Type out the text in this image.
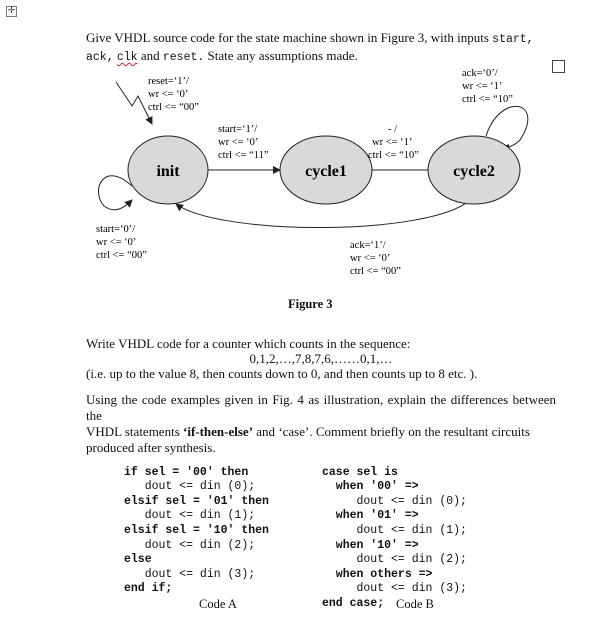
✛
Give VHDL source code for the state machine shown in Figure 3, with inputs start,
ack, clk and reset. State any assumptions made.
init	cycle1	cycle2
reset=‘1’/
wr <= ‘0’
ctrl <= “00”
start=‘0’/
wr <= ‘0’
ctrl <= “00”
start=‘1’/
wr <= ‘0’
ctrl <= “11”
- /
wr <= ‘1’
ctrl <= “10”
ack=‘0’/
wr <= ‘1’
ctrl <= “10”
ack=‘1’/
wr <= ‘0’
ctrl <= “00”
Figure 3
Write VHDL code for a counter which counts in the sequence:
0,1,2,…,7,8,7,6,……0,1,…
(i.e. up to the value 8, then counts down to 0, and then counts up to 8 etc. ).
Using the code examples given in Fig. 4 as illustration, explain the differences between the
VHDL statements ‘if-then-else’ and ‘case’. Comment briefly on the resultant circuits
produced after synthesis.

if sel = '00' then
dout <= din (0);
elsif sel = '01' then
dout <= din (1);
elsif sel = '10' then
dout <= din (2);
else
dout <= din (3);
end if;

Code A

case sel is
when '00' =>
dout <= din (0);
when '01' =>
dout <= din (1);
when '10' =>
dout <= din (2);
when others =>
dout <= din (3);
end case; Code B
